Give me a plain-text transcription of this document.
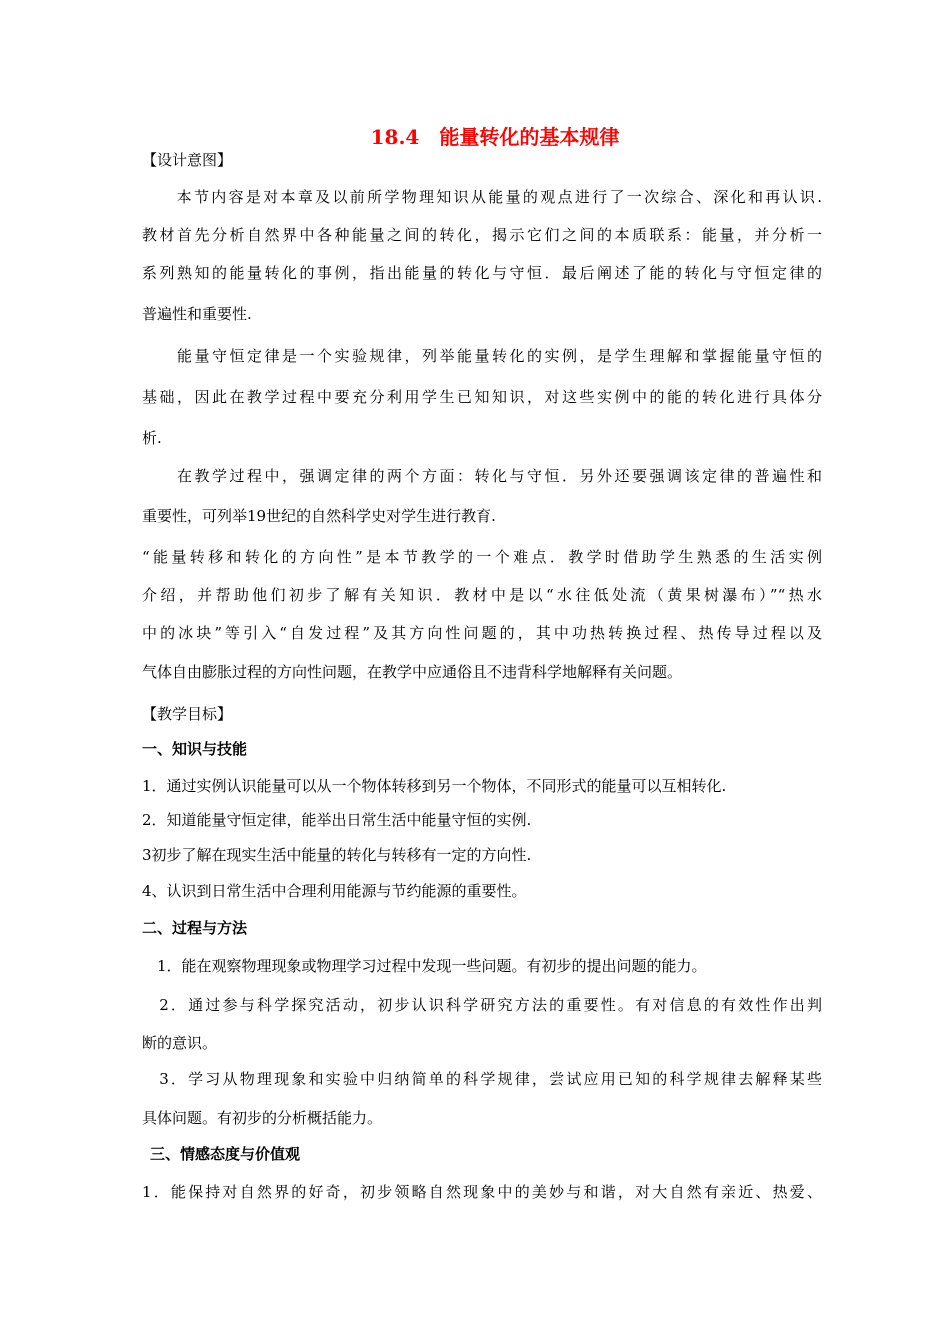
18.4　能量转化的基本规律
【设计意图】
　　本节内容是对本章及以前所学物理知识从能量的观点进行了一次综合、深化和再认识.
教材首先分析自然界中各种能量之间的转化，揭示它们之间的本质联系：能量，并分析一
系列熟知的能量转化的事例，指出能量的转化与守恒．最后阐述了能的转化与守恒定律的
普遍性和重要性.
　　能量守恒定律是一个实验规律，列举能量转化的实例，是学生理解和掌握能量守恒的
基础，因此在教学过程中要充分利用学生已知知识，对这些实例中的能的转化进行具体分
析.
　　在教学过程中，强调定律的两个方面：转化与守恒．另外还要强调该定律的普遍性和
重要性，可列举19世纪的自然科学史对学生进行教育.
“能量转移和转化的方向性”是本节教学的一个难点．教学时借助学生熟悉的生活实例
介绍，并帮助他们初步了解有关知识．教材中是以“水往低处流（黄果树瀑布）”“热水
中的冰块”等引入“自发过程”及其方向性问题的，其中功热转换过程、热传导过程以及
气体自由膨胀过程的方向性问题，在教学中应通俗且不违背科学地解释有关问题。
【教学目标】
一、知识与技能
1．通过实例认识能量可以从一个物体转移到另一个物体，不同形式的能量可以互相转化.
2．知道能量守恒定律，能举出日常生活中能量守恒的实例.
3初步了解在现实生活中能量的转化与转移有一定的方向性.
4、认识到日常生活中合理利用能源与节约能源的重要性。
二、过程与方法
　1．能在观察物理现象或物理学习过程中发现一些问题。有初步的提出问题的能力。
　2．通过参与科学探究活动，初步认识科学研究方法的重要性。有对信息的有效性作出判
断的意识。
　3．学习从物理现象和实验中归纳简单的科学规律，尝试应用已知的科学规律去解释某些
具体问题。有初步的分析概括能力。
三、情感态度与价值观
1．能保持对自然界的好奇，初步领略自然现象中的美妙与和谐，对大自然有亲近、热爱、
